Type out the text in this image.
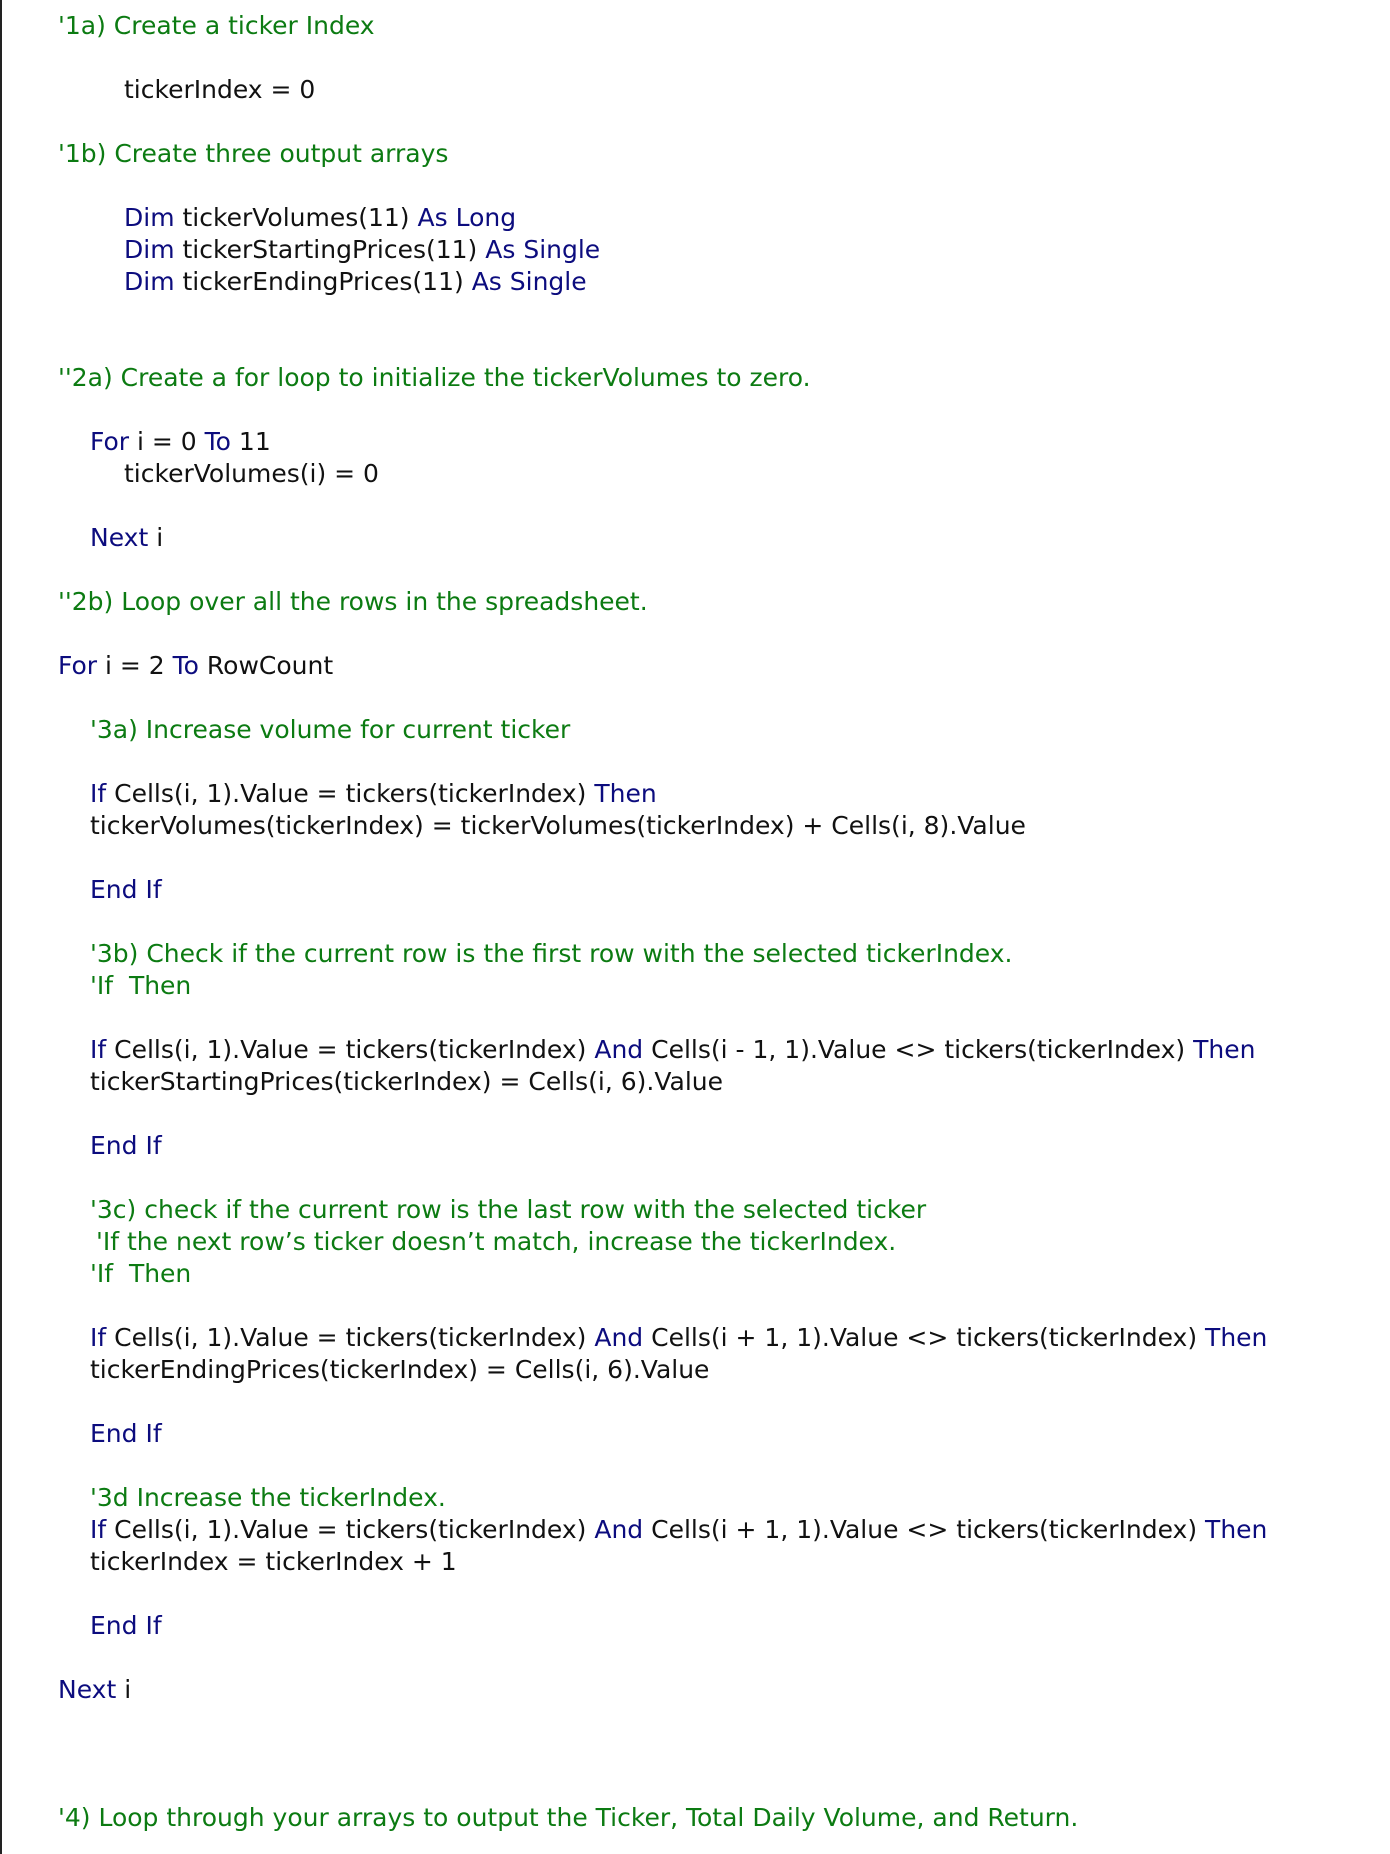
'1a) Create a ticker Index
tickerIndex = 0
'1b) Create three output arrays
Dim tickerVolumes(11) As Long
Dim tickerStartingPrices(11) As Single
Dim tickerEndingPrices(11) As Single
''2a) Create a for loop to initialize the tickerVolumes to zero.
For i = 0 To 11
tickerVolumes(i) = 0
Next i
''2b) Loop over all the rows in the spreadsheet.
For i = 2 To RowCount
'3a) Increase volume for current ticker
If Cells(i, 1).Value = tickers(tickerIndex) Then
tickerVolumes(tickerIndex) = tickerVolumes(tickerIndex) + Cells(i, 8).Value
End If
'3b) Check if the current row is the first row with the selected tickerIndex.
'If  Then
If Cells(i, 1).Value = tickers(tickerIndex) And Cells(i - 1, 1).Value <> tickers(tickerIndex) Then
tickerStartingPrices(tickerIndex) = Cells(i, 6).Value
End If
'3c) check if the current row is the last row with the selected ticker
'If the next row’s ticker doesn’t match, increase the tickerIndex.
'If  Then
If Cells(i, 1).Value = tickers(tickerIndex) And Cells(i + 1, 1).Value <> tickers(tickerIndex) Then
tickerEndingPrices(tickerIndex) = Cells(i, 6).Value
End If
'3d Increase the tickerIndex.
If Cells(i, 1).Value = tickers(tickerIndex) And Cells(i + 1, 1).Value <> tickers(tickerIndex) Then
tickerIndex = tickerIndex + 1
End If
Next i
'4) Loop through your arrays to output the Ticker, Total Daily Volume, and Return.
